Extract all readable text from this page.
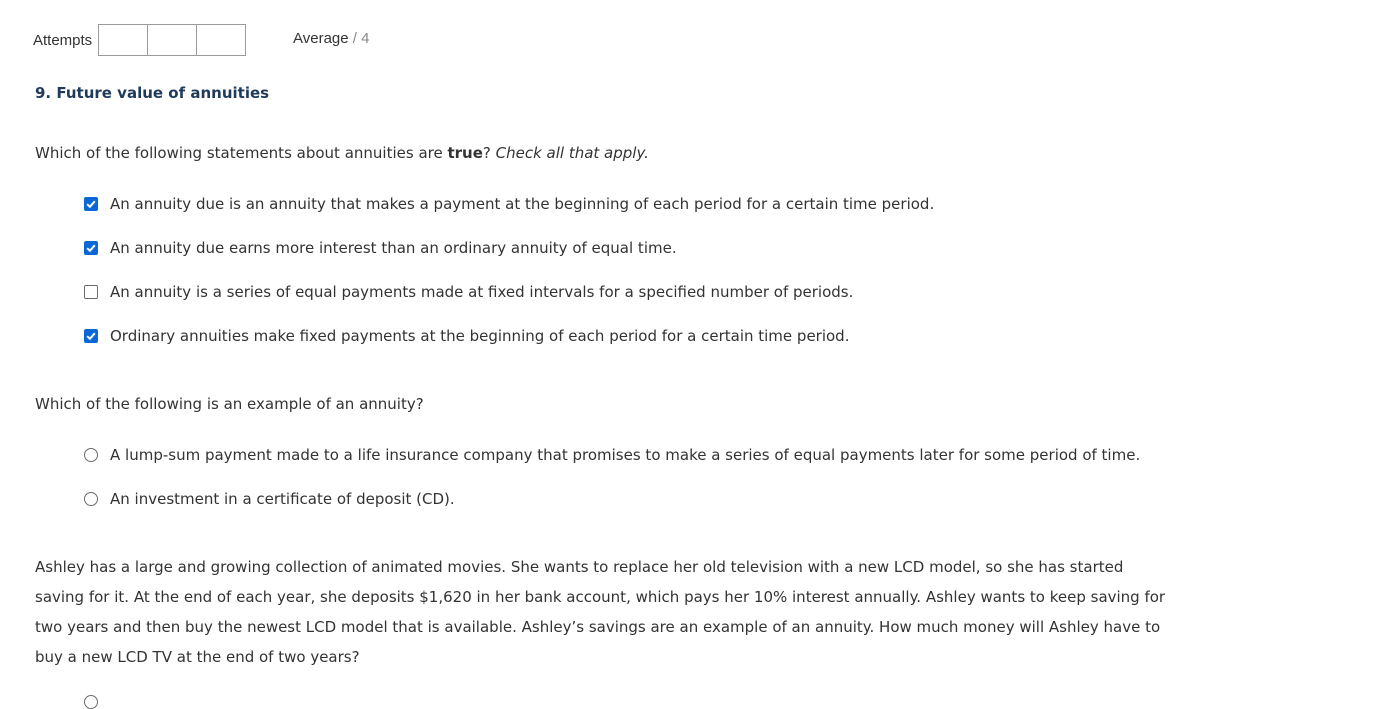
Attempts	Average / 4
9. Future value of annuities
Which of the following statements about annuities are true? Check all that apply.
An annuity due is an annuity that makes a payment at the beginning of each period for a certain time period.
An annuity due earns more interest than an ordinary annuity of equal time.
An annuity is a series of equal payments made at fixed intervals for a specified number of periods.
Ordinary annuities make fixed payments at the beginning of each period for a certain time period.
Which of the following is an example of an annuity?
A lump-sum payment made to a life insurance company that promises to make a series of equal payments later for some period of time.
An investment in a certificate of deposit (CD).
Ashley has a large and growing collection of animated movies. She wants to replace her old television with a new LCD model, so she has started
saving for it. At the end of each year, she deposits $1,620 in her bank account, which pays her 10% interest annually. Ashley wants to keep saving for
two years and then buy the newest LCD model that is available. Ashley’s savings are an example of an annuity. How much money will Ashley have to
buy a new LCD TV at the end of two years?
